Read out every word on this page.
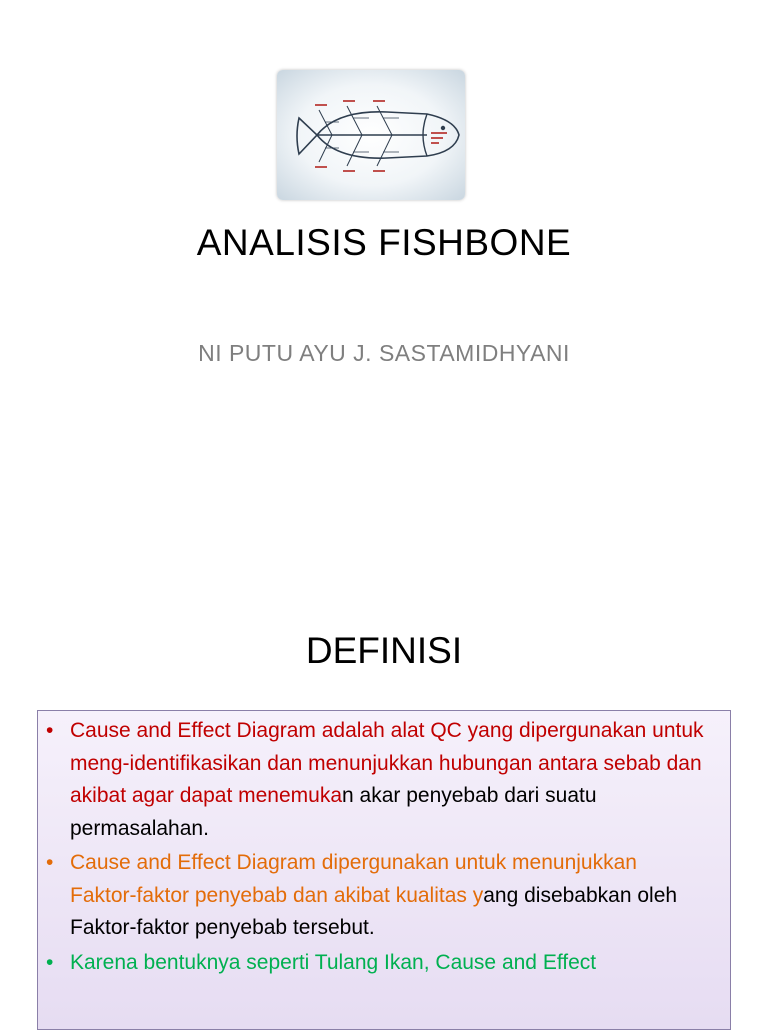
ANALISIS FISHBONE
NI PUTU AYU J. SASTAMIDHYANI
DEFINISI
• Cause and Effect Diagram adalah alat QC yang dipergunakan untuk meng-identifikasikan dan menunjukkan hubungan antara sebab dan akibat agar dapat menemukan akar penyebab dari suatu permasalahan.
• Cause and Effect Diagram dipergunakan untuk menunjukkan Faktor-faktor penyebab dan akibat kualitas yang disebabkan oleh Faktor-faktor penyebab tersebut.
• Karena bentuknya seperti Tulang Ikan, Cause and Effect
